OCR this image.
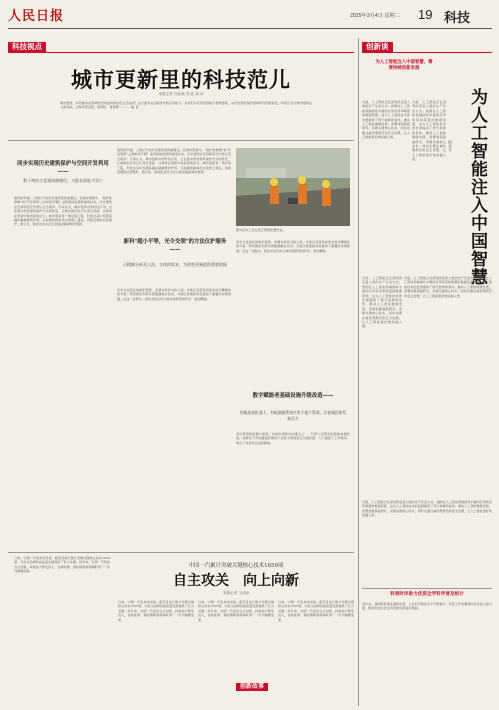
人民日报	2025年3月4日 星期二 19 科技
科技视点
城市更新里的科技范儿
本报记者 谷业凯 刘 佳 刘 诗
城市更新，如何推动完善城市空间结构和优化生活品质？这方面有关注新技术的应用能力。从老旧小区改造到地下管网更新，从历史街区保护到城市设施智能化，科技正在为城市更新注入新动能，让城市更宜居、更韧性、更智慧……——编 者
同步实现历史建筑保护与空间开发利用——
数十吨的古老建筑移植后，又能在原址"归位"
建筑的外墙、上海长宁的历史建筑里的重要在，在城市更新中，"保护性修缮"和"开发利用"之间如何平衡？采用智能监测和建造技术，历史建筑在迁移和回迁中得以安全保护。专家认为，城市更新中的科技应用，正在推动传统建筑保护方式的转变，让城市的历史记忆得以延续，让城市在更新中焕发新的活力。城市更新是一项系统工程，科技在其中发挥着越来越重要的作用。从前期的勘察设计到施工建造，再到后期的运营维护，数字化、智能化技术正在全链条赋能城市更新。
建筑的外墙、上海长宁的历史建筑里的重要在，在城市更新中，"保护性修缮"和"开发利用"之间如何平衡？采用智能监测和建造技术，历史建筑在迁移和回迁中得以安全保护。专家认为，城市更新中的科技应用，正在推动传统建筑保护方式的转变，让城市的历史记忆得以延续，让城市在更新中焕发新的活力。城市更新是一项系统工程，科技在其中发挥着越来越重要的作用。从前期的勘察设计到施工建造，再到后期的运营维护，数字化、智能化技术正在全链条赋能城市更新。
新科"超小平等，光令交领"的方法仪护服务——
可精细分析及人流、主体的诉求，为改变更新提供重要依据
历史文化街区的保护更新，需要对街区内的人流、车流以及居民的需求进行精细化的分析。研究团队利用多源数据融合技术，为街区的更新改造提供了重要的决策依据。在这一过程中，新技术的应用让城市更新更加科学、更加精准。
图为技术人员在进行管网检测作业。
历史文化街区的保护更新，需要对街区内的人流、车流以及居民的需求进行精细化的分析。研究团队利用多源数据融合技术，为街区的更新改造提供了重要的决策依据。在这一过程中，新技术的应用让城市更新更加科学、更加精准。
数字赋能老基础设施升级改造——
智能巡检机器人、有轨测量系统应用于地下管网，让老城区焕发新活力
老旧管网的检测与更新，是城市更新中的难点之一。科研人员研发的智能检测装备，能够在不开挖路面的情况下对地下管网进行全面检测，大大提高了工作效率，减少了对居民生活的影响。
日前，中国一汽发布消息称，截至目前已累计突破关键核心技术1659项，为自主品牌的高质量发展提供了有力支撑。近年来，中国一汽坚持自主创新，持续加大研发投入，在新能源、智能网联等领域取得了一系列重要成果。
中国一汽累计突破关键核心技术1659项
自主攻关　向上向新
本报记者 王治涛
日前，中国一汽发布消息称，截至目前已累计突破关键核心技术1659项，为自主品牌的高质量发展提供了有力支撑。近年来，中国一汽坚持自主创新，持续加大研发投入，在新能源、智能网联等领域取得了一系列重要成果。
日前，中国一汽发布消息称，截至目前已累计突破关键核心技术1659项，为自主品牌的高质量发展提供了有力支撑。近年来，中国一汽坚持自主创新，持续加大研发投入，在新能源、智能网联等领域取得了一系列重要成果。
日前，中国一汽发布消息称，截至目前已累计突破关键核心技术1659项，为自主品牌的高质量发展提供了有力支撑。近年来，中国一汽坚持自主创新，持续加大研发投入，在新能源、智能网联等领域取得了一系列重要成果。
创新谈
为人工智能注入中国智慧，需要持续创新发展
为人工智能注入中国智慧
杨亚平
当前，人工智能正在深刻改变着人类的生产生活方式。我国在人工智能领域拥有丰富的应用场景和海量的数据资源，这为人工智能技术的发展提供了得天独厚的条件。推动人工智能健康发展，需要加强基础研究，突破关键核心技术，同时也要注重伦理规范和安全治理，让人工智能更好地造福人类。
当前，人工智能正在深刻改变着人类的生产生活方式。我国在人工智能领域拥有丰富的应用场景和海量的数据资源，这为人工智能技术的发展提供了得天独厚的条件。推动人工智能健康发展，需要加强基础研究，突破关键核心技术，同时也要注重伦理规范和安全治理，让人工智能更好地造福人类。
当前，人工智能正在深刻改变着人类的生产生活方式。我国在人工智能领域拥有丰富的应用场景和海量的数据资源，这为人工智能技术的发展提供了得天独厚的条件。推动人工智能健康发展，需要加强基础研究，突破关键核心技术，同时也要注重伦理规范和安全治理，让人工智能更好地造福人类。
当前，人工智能正在深刻改变着人类的生产生活方式。我国在人工智能领域拥有丰富的应用场景和海量的数据资源，这为人工智能技术的发展提供了得天独厚的条件。推动人工智能健康发展，需要加强基础研究，突破关键核心技术，同时也要注重伦理规范和安全治理，让人工智能更好地造福人类。
当前，人工智能正在深刻改变着人类的生产生活方式。我国在人工智能领域拥有丰富的应用场景和海量的数据资源，这为人工智能技术的发展提供了得天独厚的条件。推动人工智能健康发展，需要加强基础研究，突破关键核心技术，同时也要注重伦理规范和安全治理，让人工智能更好地造福人类。
科普时评助力优质全学科学普及统计
近年来，我国科普事业蓬勃发展，公民科学素质水平不断提升。科普工作需要调动社会各方面力量，推动形成全社会共同参与的良好局面。
创新故事
